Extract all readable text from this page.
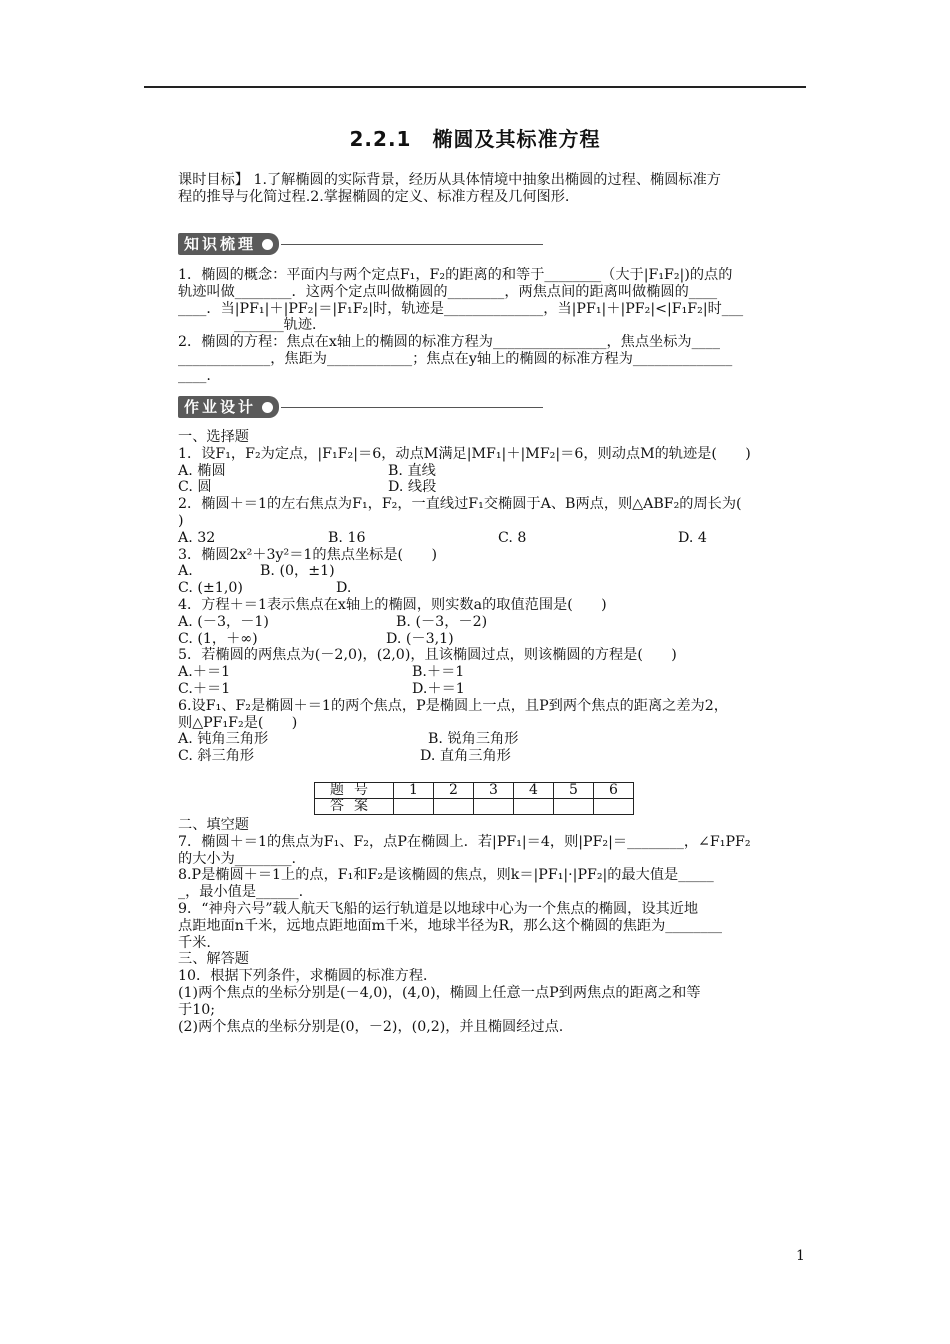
2.2.1　椭圆及其标准方程

课时目标】 1.了解椭圆的实际背景，经历从具体情境中抽象出椭圆的过程、椭圆标准方

程的推导与化简过程.2.掌握椭圆的定义、标准方程及几何图形.

知识梳理

1．椭圆的概念：平面内与两个定点F₁，F₂的距离的和等于________（大于|F₁F₂|)的点的

轨迹叫做________．这两个定点叫做椭圆的________，两焦点间的距离叫做椭圆的____

____．当|PF₁|＋|PF₂|＝|F₁F₂|时，轨迹是______________，当|PF₁|＋|PF₂|<|F₁F₂|时___

_______轨迹．

2．椭圆的方程：焦点在x轴上的椭圆的标准方程为________________，焦点坐标为____

_____________，焦距为____________；焦点在y轴上的椭圆的标准方程为______________

____.

作业设计

一、选择题

1．设F₁，F₂为定点，|F₁F₂|＝6，动点M满足|MF₁|＋|MF₂|＝6，则动点M的轨迹是(　　)

A. 椭圆	B. 直线
C. 圆	D. 线段

2．椭圆＋＝1的左右焦点为F₁，F₂，一直线过F₁交椭圆于A、B两点，则△ABF₂的周长为(

)

A. 32	B. 16	C. 8	D. 4

3．椭圆2x²＋3y²＝1的焦点坐标是(　　)

A.	B. (0，±1)
C. (±1,0)	D.

4．方程＋＝1表示焦点在x轴上的椭圆，则实数a的取值范围是(　　)

A. (－3，－1)	B. (－3，－2)
C. (1，＋∞)	D. (－3,1)

5．若椭圆的两焦点为(－2,0)，(2,0)，且该椭圆过点，则该椭圆的方程是(　　)

A.＋＝1	B.＋＝1
C.＋＝1	D.＋＝1

6.设F₁、F₂是椭圆＋＝1的两个焦点，P是椭圆上一点，且P到两个焦点的距离之差为2，

则△PF₁F₂是(　　)

A. 钝角三角形	B. 锐角三角形
C. 斜三角形	D. 直角三角形
题号	1	2	3	4	5	6
答案						

二、填空题

7．椭圆＋＝1的焦点为F₁、F₂，点P在椭圆上．若|PF₁|＝4，则|PF₂|＝________，∠F₁PF₂

的大小为________.

8.P是椭圆＋＝1上的点，F₁和F₂是该椭圆的焦点，则k＝|PF₁|·|PF₂|的最大值是_____

_，最小值是______.

9．“神舟六号”载人航天飞船的运行轨道是以地球中心为一个焦点的椭圆，设其近地

点距地面n千米，远地点距地面m千米，地球半径为R，那么这个椭圆的焦距为________

千米.

三、解答题

10．根据下列条件，求椭圆的标准方程．

(1)两个焦点的坐标分别是(－4,0)，(4,0)，椭圆上任意一点P到两焦点的距离之和等

于10;

(2)两个焦点的坐标分别是(0，－2)，(0,2)，并且椭圆经过点.

1
